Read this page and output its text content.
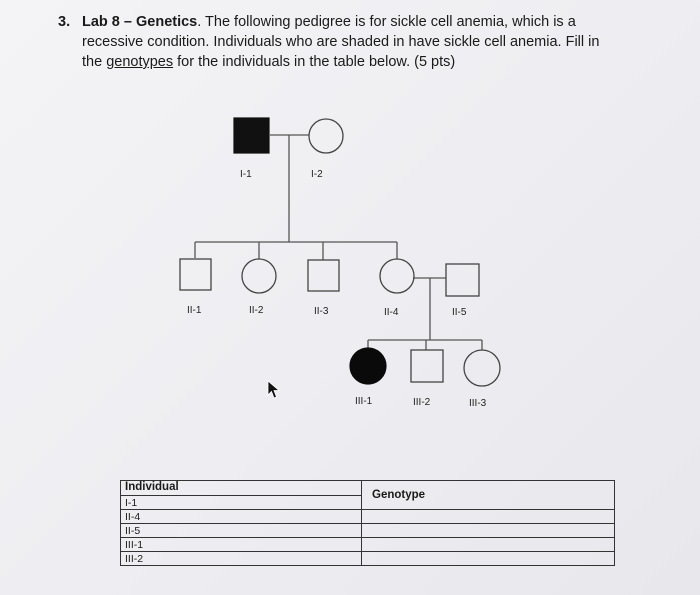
3. Lab 8 – Genetics. The following pedigree is for sickle cell anemia, which is a
recessive condition. Individuals who are shaded in have sickle cell anemia. Fill in
the genotypes for the individuals in the table below. (5 pts)
I-1	I-2
II-1	II-2	II-3	II-4	II-5
III-1	III-2	III-3
Individual	Genotype
I-1	
II-4	
II-5	
III-1	
III-2	
